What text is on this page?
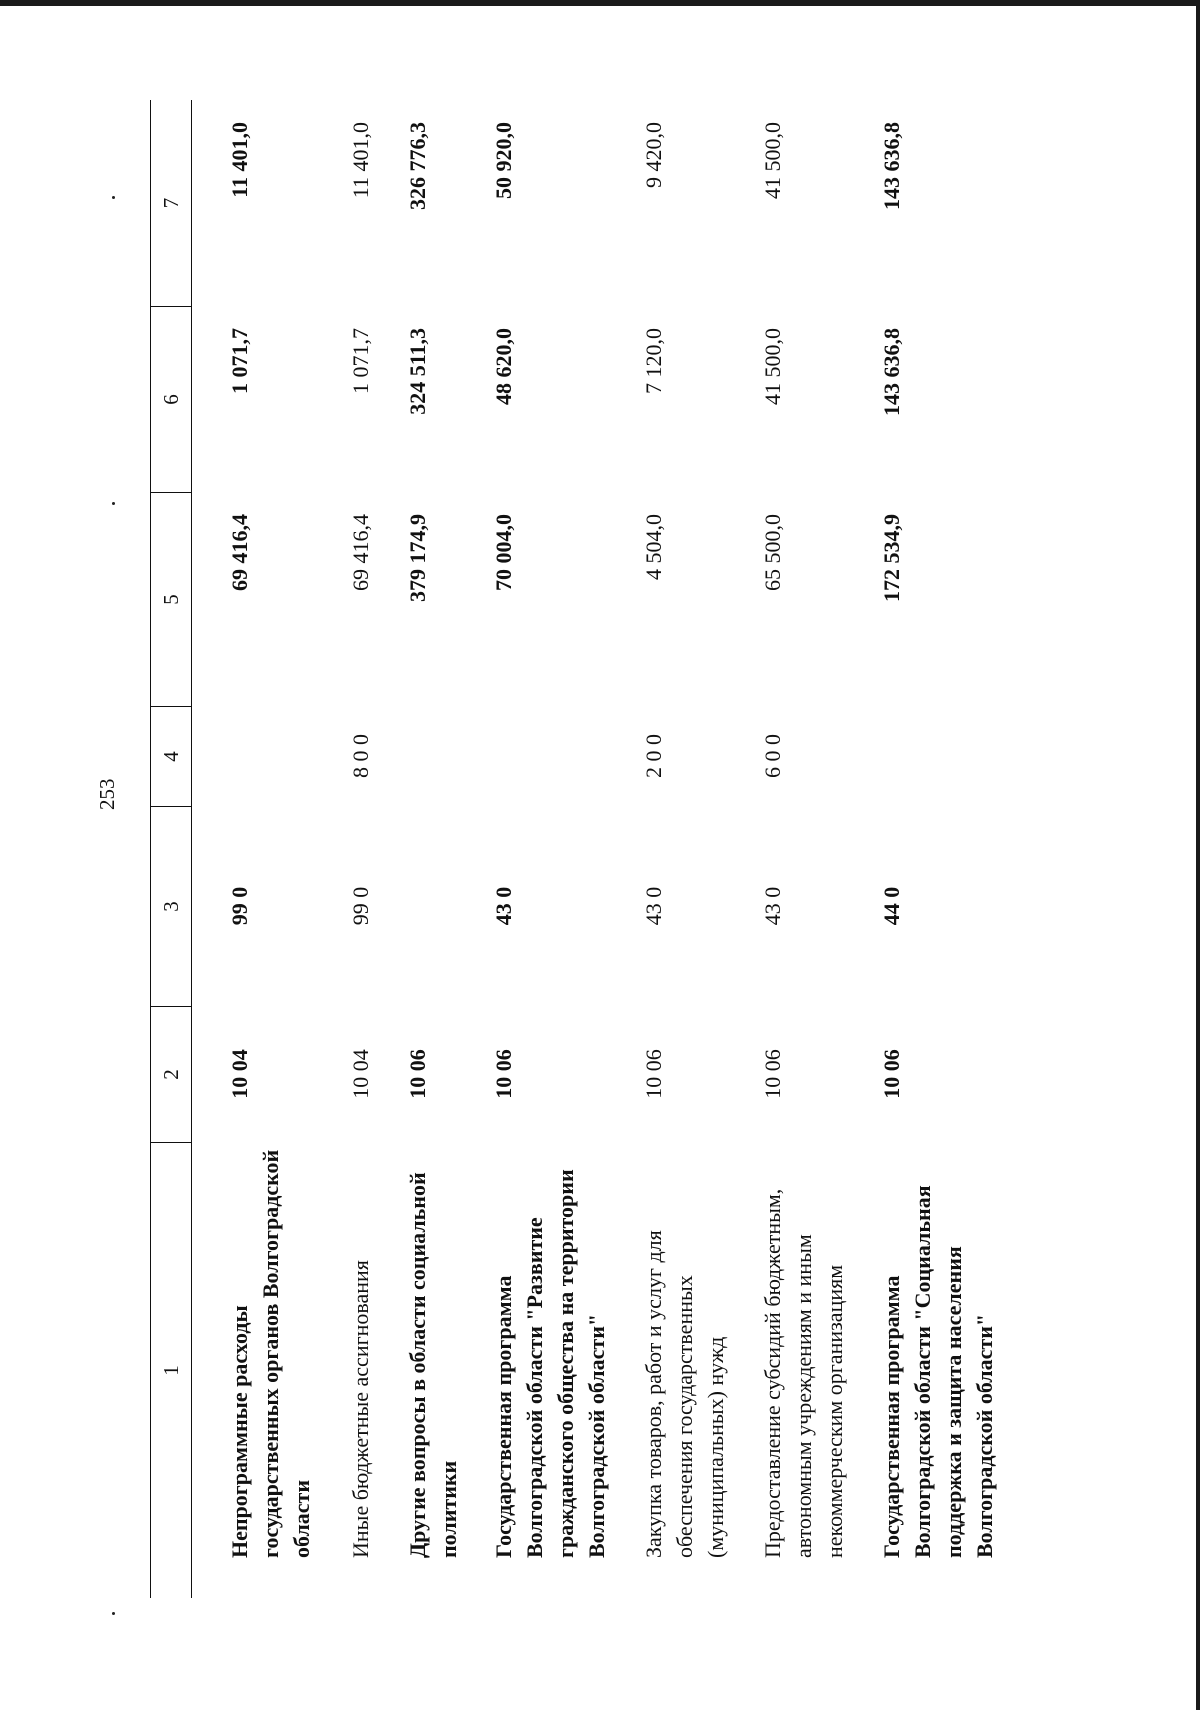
253
1
2
3
4
5
6
7
Непрограммные расходы государственных органов Волгоградской области
10 04
99 0
69 416,4
1 071,7
11 401,0
Иные бюджетные ассигнования
10 04
99 0
8 0 0
69 416,4
1 071,7
11 401,0
Другие вопросы в области социальной политики
10 06
379 174,9
324 511,3
326 776,3
Государственная программа Волгоградской области "Развитие гражданского общества на территории Волгоградской области"
10 06
43 0
70 004,0
48 620,0
50 920,0
Закупка товаров, работ и услуг для обеспечения государственных (муниципальных) нужд
10 06
43 0
2 0 0
4 504,0
7 120,0
9 420,0
Предоставление субсидий бюджетным, автономным учреждениям и иным некоммерческим организациям
10 06
43 0
6 0 0
65 500,0
41 500,0
41 500,0
Государственная программа Волгоградской области "Социальная поддержка и защита населения Волгоградской области"
10 06
44 0
172 534,9
143 636,8
143 636,8
